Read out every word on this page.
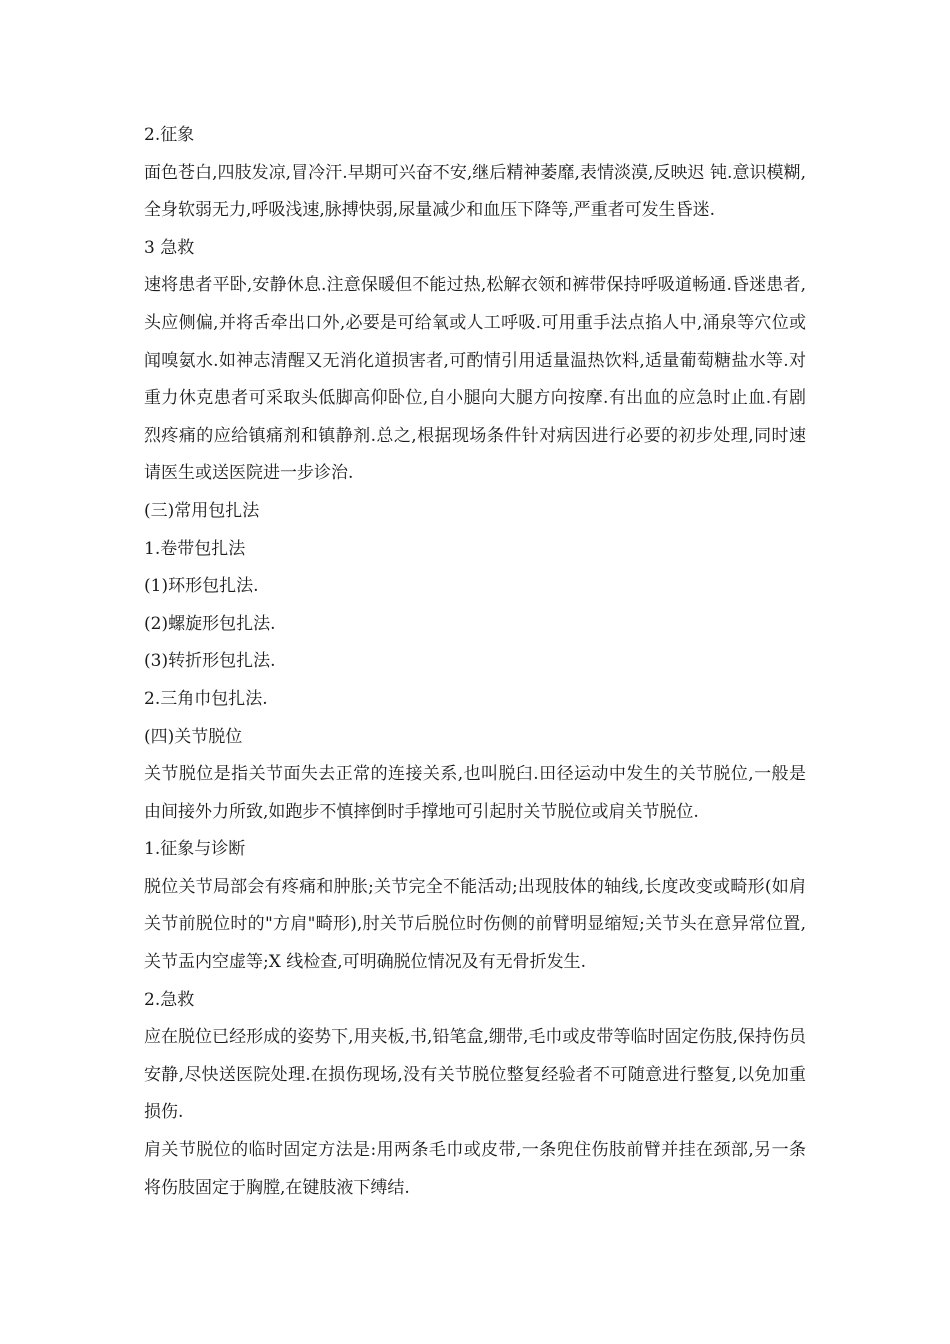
2.征象

面色苍白,四肢发凉,冒冷汗.早期可兴奋不安,继后精神萎靡,表情淡漠,反映迟 钝.意识模糊,全身软弱无力,呼吸浅速,脉搏快弱,尿量减少和血压下降等,严重者可发生昏迷.

3 急救

速将患者平卧,安静休息.注意保暖但不能过热,松解衣领和裤带保持呼吸道畅通.昏迷患者,头应侧偏,并将舌牵出口外,必要是可给氧或人工呼吸.可用重手法点掐人中,涌泉等穴位或闻嗅氨水.如神志清醒又无消化道损害者,可酌情引用适量温热饮料,适量葡萄糖盐水等.对重力休克患者可采取头低脚高仰卧位,自小腿向大腿方向按摩.有出血的应急时止血.有剧烈疼痛的应给镇痛剂和镇静剂.总之,根据现场条件针对病因进行必要的初步处理,同时速请医生或送医院进一步诊治.

(三)常用包扎法

1.卷带包扎法

(1)环形包扎法.

(2)螺旋形包扎法.

(3)转折形包扎法.

2.三角巾包扎法.

(四)关节脱位

关节脱位是指关节面失去正常的连接关系,也叫脱臼.田径运动中发生的关节脱位,一般是由间接外力所致,如跑步不慎摔倒时手撑地可引起肘关节脱位或肩关节脱位.

1.征象与诊断

脱位关节局部会有疼痛和肿胀;关节完全不能活动;出现肢体的轴线,长度改变或畸形(如肩关节前脱位时的"方肩"畸形),肘关节后脱位时伤侧的前臂明显缩短;关节头在意异常位置,关节盂内空虚等;X 线检查,可明确脱位情况及有无骨折发生.

2.急救

应在脱位已经形成的姿势下,用夹板,书,铅笔盒,绷带,毛巾或皮带等临时固定伤肢,保持伤员安静,尽快送医院处理.在损伤现场,没有关节脱位整复经验者不可随意进行整复,以免加重损伤.

肩关节脱位的临时固定方法是:用两条毛巾或皮带,一条兜住伤肢前臂并挂在颈部,另一条将伤肢固定于胸膛,在键肢液下缚结.
